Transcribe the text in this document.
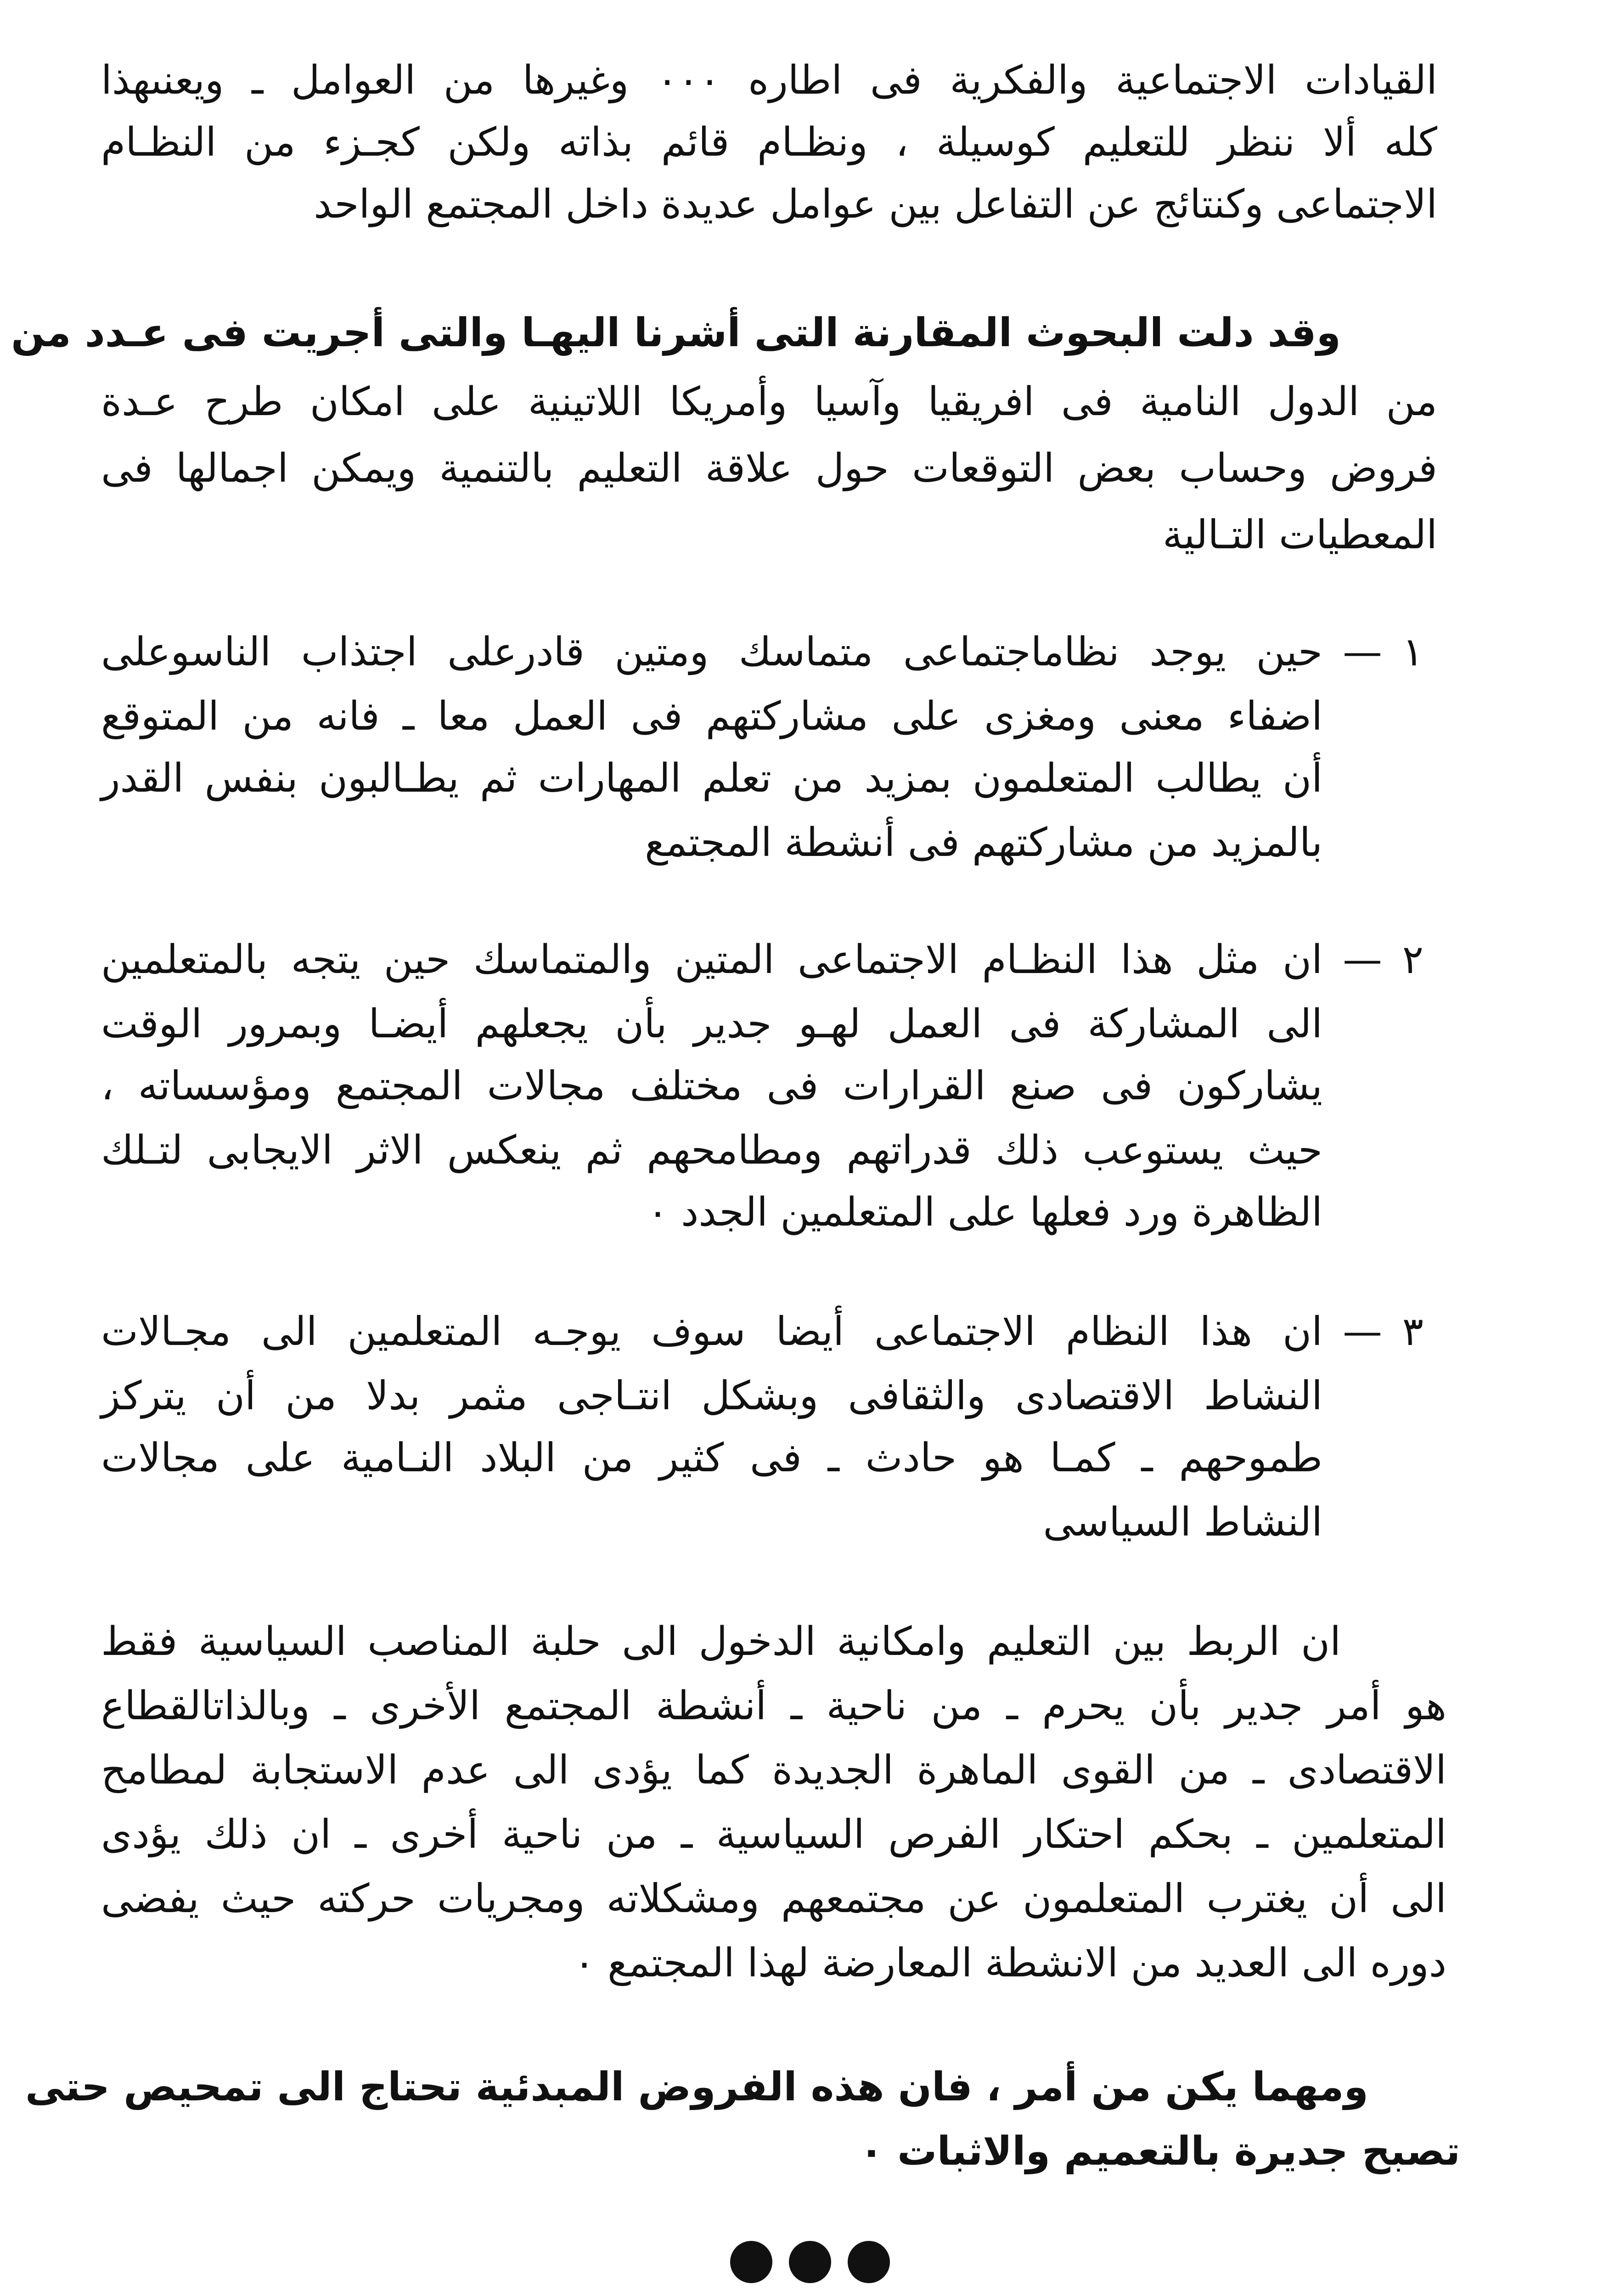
القيادات الاجتماعية والفكرية فى اطاره ٠٠٠ وغيرها من العوامل ـ ويعنىهذا
كله ألا ننظر للتعليم كوسيلة ، ونظـام قائم بذاته ولكن كجـزء من النظـام
الاجتماعى وكنتائج عن التفاعل بين عوامل عديدة داخل المجتمع الواحد
وقد دلت البحوث المقارنة التى أشرنا اليهـا والتى أجريت فى عـدد من
من الدول النامية فى افريقيا وآسيا وأمريكا اللاتينية على امكان طرح عـدة
فروض وحساب بعض التوقعات حول علاقة التعليم بالتنمية ويمكن اجمالها فى
المعطيات التـالية
١
—
حين يوجد نظاماجتماعى متماسك ومتين قادرعلى اجتذاب الناسوعلى
اضفاء معنى ومغزى على مشاركتهم فى العمل معا ـ فانه من المتوقع
أن يطالب المتعلمون بمزيد من تعلم المهارات ثم يطـالبون بنفس القدر
بالمزيد من مشاركتهم فى أنشطة المجتمع
٢
—
ان مثل هذا النظـام الاجتماعى المتين والمتماسك حين يتجه بالمتعلمين
الى المشاركة فى العمل لهـو جدير بأن يجعلهم أيضـا وبمرور الوقت
يشاركون فى صنع القرارات فى مختلف مجالات المجتمع ومؤسساته ،
حيث يستوعب ذلك قدراتهم ومطامحهم ثم ينعكس الاثر الايجابى لتـلك
الظاهرة ورد فعلها على المتعلمين الجدد ٠
٣
—
ان هذا النظام الاجتماعى أيضا سوف يوجـه المتعلمين الى مجـالات
النشاط الاقتصادى والثقافى وبشكل انتـاجى مثمر بدلا من أن يتركز
طموحهم ـ كمـا هو حادث ـ فى كثير من البلاد النـامية على مجالات
النشاط السياسى
ان الربط بين التعليم وامكانية الدخول الى حلبة المناصب السياسية فقط
هو أمر جدير بأن يحرم ـ من ناحية ـ أنشطة المجتمع الأخرى ـ وبالذاتالقطاع
الاقتصادى ـ من القوى الماهرة الجديدة كما يؤدى الى عدم الاستجابة لمطامح
المتعلمين ـ بحكم احتكار الفرص السياسية ـ من ناحية أخرى ـ ان ذلك يؤدى
الى أن يغترب المتعلمون عن مجتمعهم ومشكلاته ومجريات حركته حيث يفضى
دوره الى العديد من الانشطة المعارضة لهذا المجتمع ٠
ومهما يكن من أمر ، فان هذه الفروض المبدئية تحتاج الى تمحيص حتى
تصبح جديرة بالتعميم والاثبات ٠
